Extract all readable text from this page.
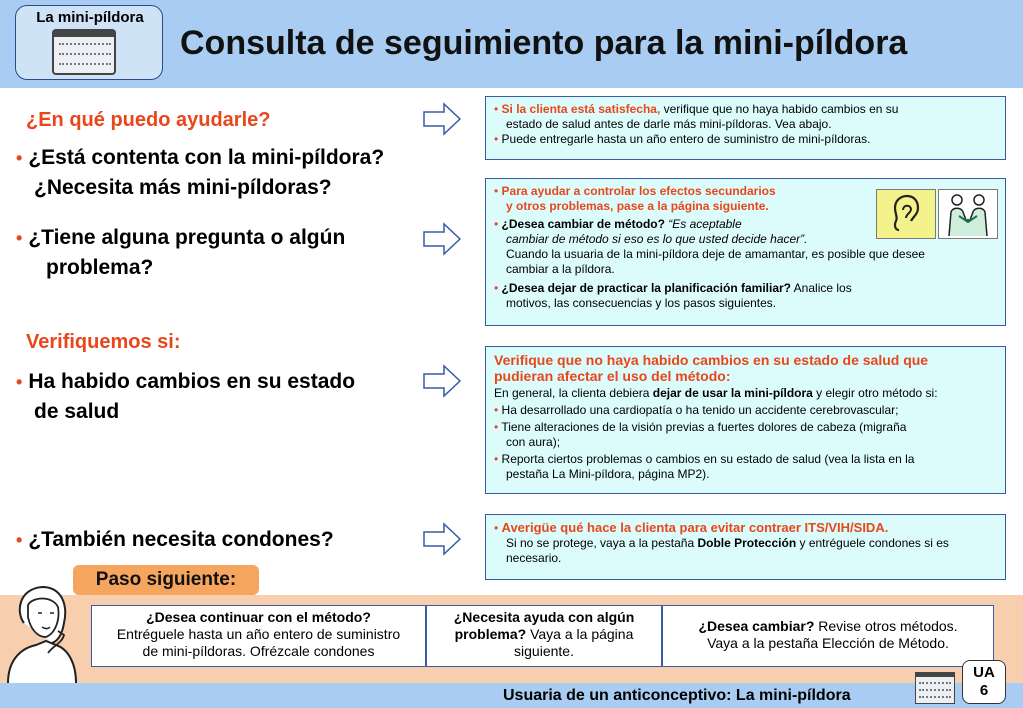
La mini-píldora
Consulta de seguimiento para la mini-píldora
¿En qué puedo ayudarle?
• ¿Está contenta con la mini-píldora?
¿Necesita más mini-píldoras?
• ¿Tiene alguna pregunta o algún
problema?
Verifiquemos si:
• Ha habido cambios en su estado
de salud
• ¿También necesita condones?

• Si la clienta está satisfecha, verifique que no haya habido cambios en su

estado de salud antes de darle más mini-píldoras. Vea abajo.

• Puede entregarle hasta un año entero de suministro de mini-píldoras.

• Para ayudar a controlar los efectos secundarios

y otros problemas, pase a la página siguiente.

• ¿Desea cambiar de método? “Es aceptable

cambiar de método si eso es lo que usted decide hacer”.

Cuando la usuaria de la mini-píldora deje de amamantar, es posible que desee

cambiar a la píldora.

• ¿Desea dejar de practicar la planificación familiar? Analice los

motivos, las consecuencias y los pasos siguientes.

Verifique que no haya habido cambios en su estado de salud que

pudieran afectar el uso del método:

En general, la clienta debiera dejar de usar la mini-píldora y elegir otro método si:

• Ha desarrollado una cardiopatía o ha tenido un accidente cerebrovascular;

• Tiene alteraciones de la visión previas a fuertes dolores de cabeza (migraña

con aura);

• Reporta ciertos problemas o cambios en su estado de salud (vea la lista en la

pestaña La Mini-píldora, página MP2).

• Averigüe qué hace la clienta para evitar contraer ITS/VIH/SIDA.

Si no se protege, vaya a la pestaña Doble Protección y entréguele condones si es

necesario.

Paso siguiente:
¿Desea continuar con el método?
Entréguele hasta un año entero de suministro
de mini-píldoras. Ofrézcale condones
¿Necesita ayuda con algún
problema? Vaya a la página
siguiente.
¿Desea cambiar? Revise otros métodos.
Vaya a la pestaña Elección de Método.
Usuaria de un anticonceptivo: La mini-píldora
UA
6
